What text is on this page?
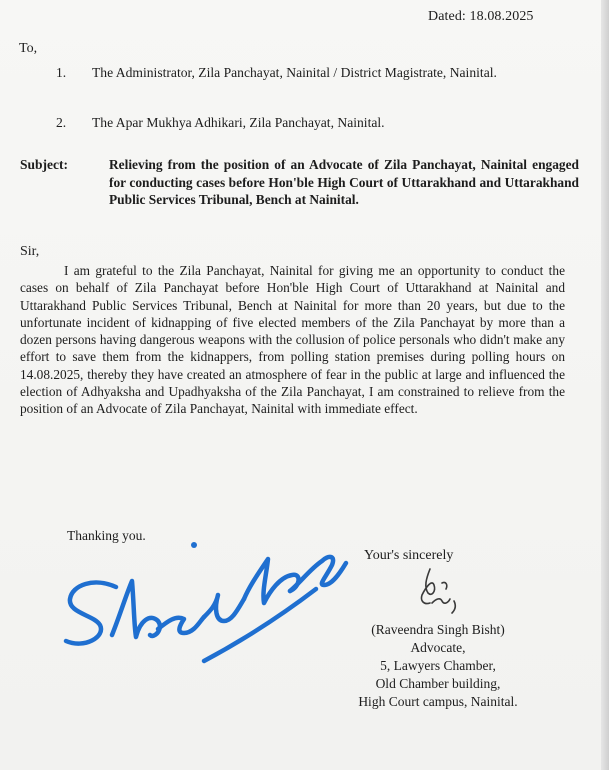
Dated: 18.08.2025
To,
1.	The Administrator, Zila Panchayat, Nainital / District Magistrate, Nainital.
2.	The Apar Mukhya Adhikari, Zila Panchayat, Nainital.
Subject:	Relieving from the position of an Advocate of Zila Panchayat, Nainital engaged for conducting cases before Hon'ble High Court of Uttarakhand and Uttarakhand Public Services Tribunal, Bench at Nainital.
Sir,
I am grateful to the Zila Panchayat, Nainital for giving me an opportunity to conduct the cases on behalf of Zila Panchayat before Hon'ble High Court of Uttarakhand at Nainital and Uttarakhand Public Services Tribunal, Bench at Nainital for more than 20 years, but due to the unfortunate incident of kidnapping of five elected members of the Zila Panchayat by more than a dozen persons having dangerous weapons with the collusion of police personals who didn't make any effort to save them from the kidnappers, from polling station premises during polling hours on 14.08.2025, thereby they have created an atmosphere of fear in the public at large and influenced the election of Adhyaksha and Upadhyaksha of the Zila Panchayat, I am constrained to relieve from the position of an Advocate of Zila Panchayat, Nainital with immediate effect.
Thanking you.
Your's sincerely
(Raveendra Singh Bisht)
Advocate,
5, Lawyers Chamber,
Old Chamber building,
High Court campus, Nainital.
